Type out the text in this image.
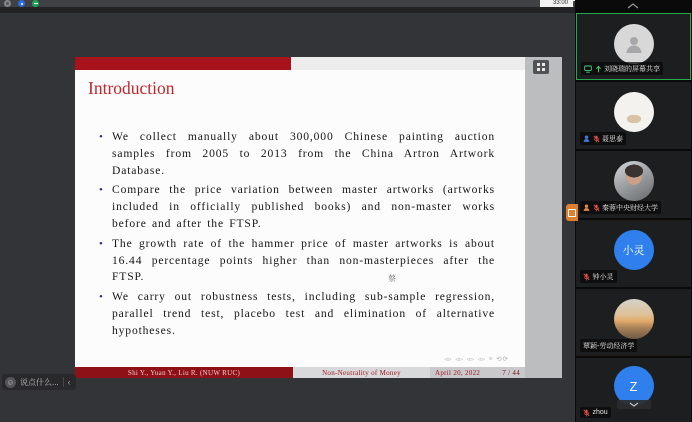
33:00
Introduction
• We collect manually about 300,000 Chinese painting auction samples from 2005 to 2013 from the China Artron Artwork Database.
• Compare the price variation between master artworks (artworks included in officially published books) and non-master works before and after the FTSP.
• The growth rate of the hammer price of master artworks is about 16.44 percentage points higher than non-masterpieces after the FTSP.
• We carry out robustness tests, including sub-sample regression, parallel trend test, placebo test and elimination of alternative hypotheses.
◃▹ ◃▹ ◃▹ ◃▹ ≡ ⟲⟳
Shi Y., Yuan Y., Liu R. (NUW RUC)	Non-Neutrality of Money	April 20, 2022	7 / 44
蔡
☺ 说点什么... ‹
刘晓瑞的屏幕共享
聂思泰
秦蓉中央财经大学
小灵
钟小灵
覃颖-劳动经济学
Z
zhou
